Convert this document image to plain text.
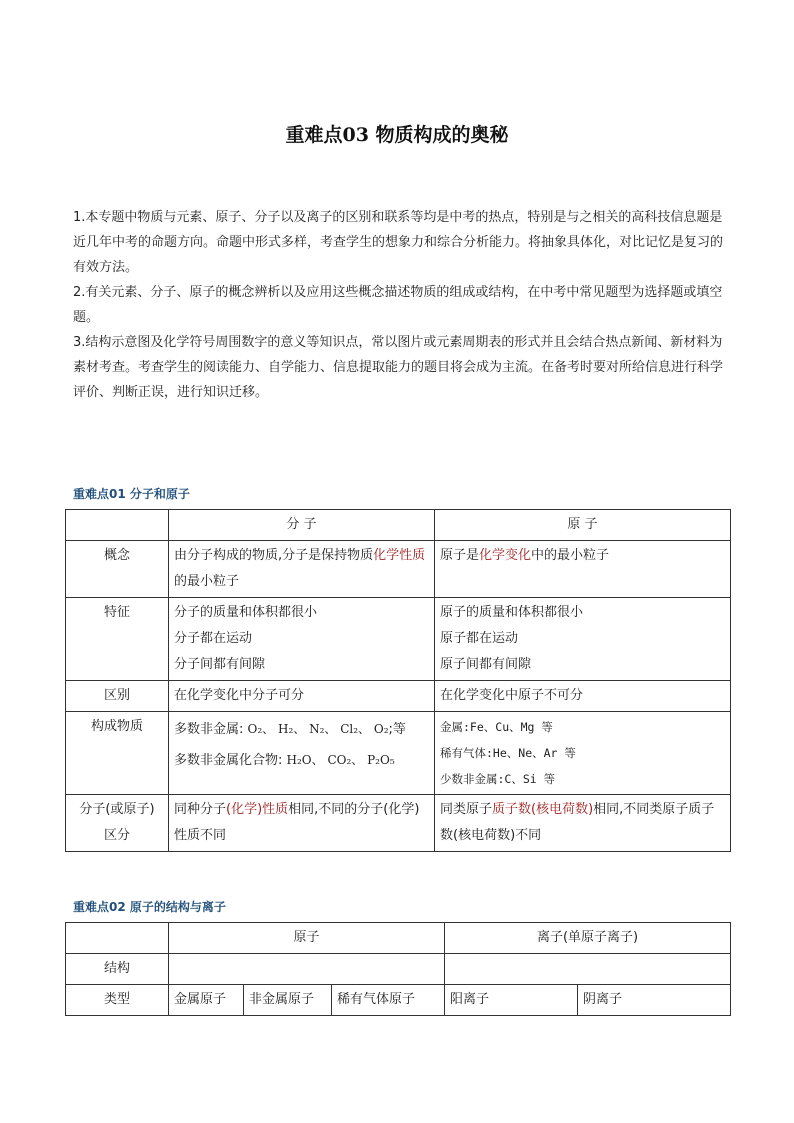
重难点03 物质构成的奥秘

1.本专题中物质与元素、原子、分子以及离子的区别和联系等均是中考的热点，特别是与之相关的高科技信息题是近几年中考的命题方向。命题中形式多样，考查学生的想象力和综合分析能力。将抽象具体化，对比记忆是复习的有效方法。

2.有关元素、分子、原子的概念辨析以及应用这些概念描述物质的组成或结构，在中考中常见题型为选择题或填空题。

3.结构示意图及化学符号周围数字的意义等知识点，常以图片或元素周期表的形式并且会结合热点新闻、新材料为素材考查。考查学生的阅读能力、自学能力、信息提取能力的题目将会成为主流。在备考时要对所给信息进行科学评价、判断正误，进行知识迁移。

重难点01 分子和原子
	分 子	原 子
概念	由分子构成的物质,分子是保持物质化学性质的最小粒子	原子是化学变化中的最小粒子
特征	分子的质量和体积都很小
分子都在运动
分子间都有间隙	原子的质量和体积都很小
原子都在运动
原子间都有间隙

区别	在化学变化中分子可分	在化学变化中原子不可分
构成物质	多数非金属: O₂、 H₂、 N₂、 Cl₂、 O₂;等
多数非金属化合物: H₂O、 CO₂、 P₂O₅	金属:Fe、Cu、Mg 等
稀有气体:He、Ne、Ar 等
少数非金属:C、Si 等

分子(或原子)
区分	同种分子(化学)性质相同,不同的分子(化学)性质不同	同类原子质子数(核电荷数)相同,不同类原子质子数(核电荷数)不同
重难点02 原子的结构与离子
	原子			离子(单原子离子)	
结构					
类型	金属原子	非金属原子	稀有气体原子	阳离子	阴离子
